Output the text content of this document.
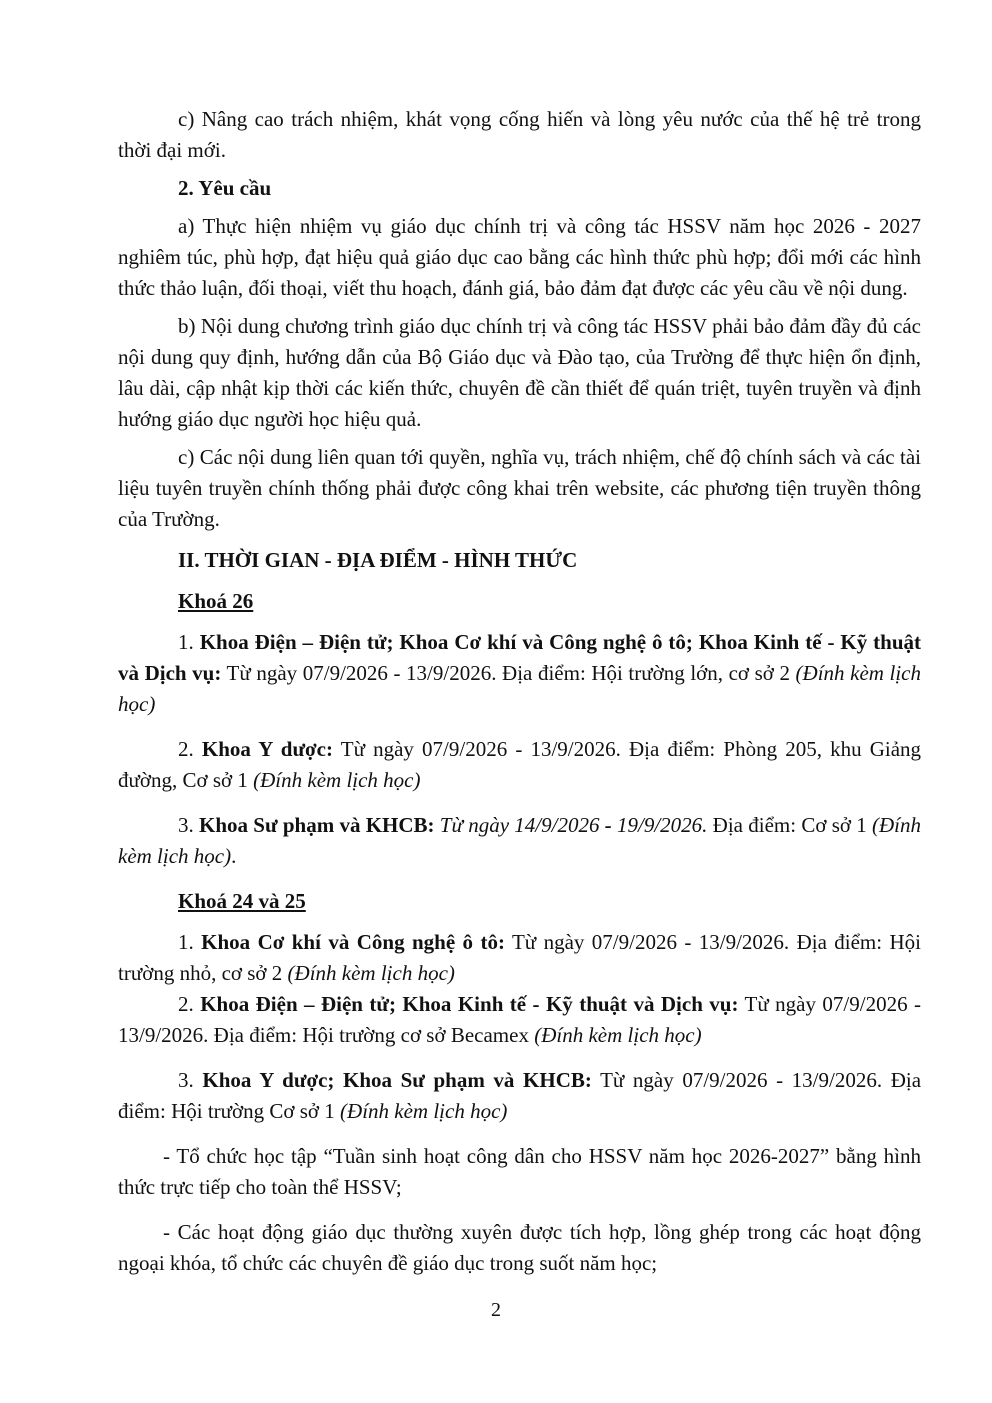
c) Nâng cao trách nhiệm, khát vọng cống hiến và lòng yêu nước của thế hệ trẻ trong thời đại mới.

2. Yêu cầu

a) Thực hiện nhiệm vụ giáo dục chính trị và công tác HSSV năm học 2026 - 2027 nghiêm túc, phù hợp, đạt hiệu quả giáo dục cao bằng các hình thức phù hợp; đổi mới các hình thức thảo luận, đối thoại, viết thu hoạch, đánh giá, bảo đảm đạt được các yêu cầu về nội dung.

b) Nội dung chương trình giáo dục chính trị và công tác HSSV phải bảo đảm đầy đủ các nội dung quy định, hướng dẫn của Bộ Giáo dục và Đào tạo, của Trường để thực hiện ổn định, lâu dài, cập nhật kịp thời các kiến thức, chuyên đề cần thiết để quán triệt, tuyên truyền và định hướng giáo dục người học hiệu quả.

c) Các nội dung liên quan tới quyền, nghĩa vụ, trách nhiệm, chế độ chính sách và các tài liệu tuyên truyền chính thống phải được công khai trên website, các phương tiện truyền thông của Trường.

II. THỜI GIAN - ĐỊA ĐIỂM - HÌNH THỨC

Khoá 26

1. Khoa Điện – Điện tử; Khoa Cơ khí và Công nghệ ô tô; Khoa Kinh tế - Kỹ thuật và Dịch vụ: Từ ngày 07/9/2026 - 13/9/2026. Địa điểm: Hội trường lớn, cơ sở 2 (Đính kèm lịch học)

2. Khoa Y dược: Từ ngày 07/9/2026 - 13/9/2026. Địa điểm: Phòng 205, khu Giảng đường, Cơ sở 1 (Đính kèm lịch học)

3. Khoa Sư phạm và KHCB: Từ ngày 14/9/2026 - 19/9/2026. Địa điểm: Cơ sở 1 (Đính kèm lịch học).

Khoá 24 và 25

1. Khoa Cơ khí và Công nghệ ô tô: Từ ngày 07/9/2026 - 13/9/2026. Địa điểm: Hội trường nhỏ, cơ sở 2 (Đính kèm lịch học)

2. Khoa Điện – Điện tử; Khoa Kinh tế - Kỹ thuật và Dịch vụ: Từ ngày 07/9/2026 - 13/9/2026. Địa điểm: Hội trường cơ sở Becamex (Đính kèm lịch học)

3. Khoa Y dược; Khoa Sư phạm và KHCB: Từ ngày 07/9/2026 - 13/9/2026. Địa điểm: Hội trường Cơ sở 1 (Đính kèm lịch học)

- Tổ chức học tập “Tuần sinh hoạt công dân cho HSSV năm học 2026-2027” bằng hình thức trực tiếp cho toàn thể HSSV;

- Các hoạt động giáo dục thường xuyên được tích hợp, lồng ghép trong các hoạt động ngoại khóa, tổ chức các chuyên đề giáo dục trong suốt năm học;

2
